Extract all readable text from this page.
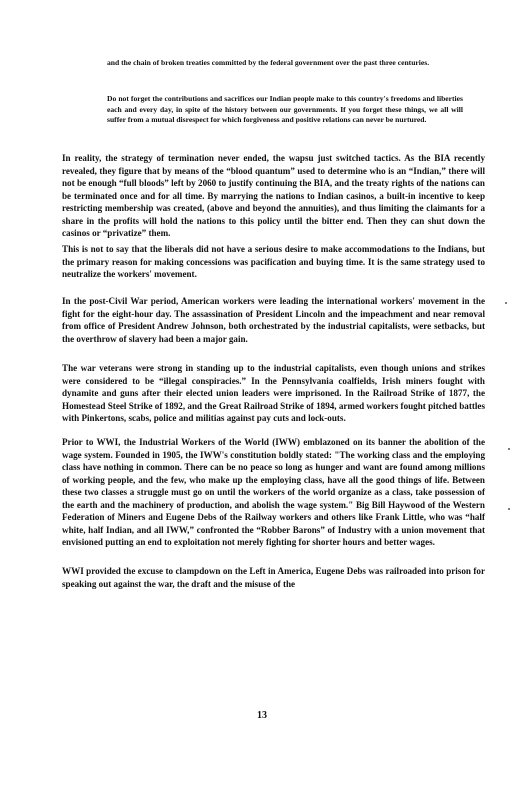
and the chain of broken treaties committed by the federal government over the past three centuries.

Do not forget the contributions and sacrifices our Indian people make to this country's freedoms and liberties each and every day, in spite of the history between our governments. If you forget these things, we all will suffer from a mutual disrespect for which forgiveness and positive relations can never be nurtured.

In reality, the strategy of termination never ended, the wapsu just switched tactics. As the BIA recently revealed, they figure that by means of the “blood quantum” used to determine who is an “Indian,” there will not be enough “full bloods” left by 2060 to justify continuing the BIA, and the treaty rights of the nations can be terminated once and for all time. By marrying the nations to Indian casinos, a built-in incentive to keep restricting membership was created, (above and beyond the annuities), and thus limiting the claimants for a share in the profits will hold the nations to this policy until the bitter end. Then they can shut down the casinos or “privatize” them.

This is not to say that the liberals did not have a serious desire to make accommodations to the Indians, but the primary reason for making concessions was pacification and buying time. It is the same strategy used to neutralize the workers' movement.

In the post-Civil War period, American workers were leading the international workers' movement in the fight for the eight-hour day. The assassination of President Lincoln and the impeachment and near removal from office of President Andrew Johnson, both orchestrated by the industrial capitalists, were setbacks, but the overthrow of slavery had been a major gain.

The war veterans were strong in standing up to the industrial capitalists, even though unions and strikes were considered to be “illegal conspiracies.” In the Pennsylvania coalfields, Irish miners fought with dynamite and guns after their elected union leaders were imprisoned. In the Railroad Strike of 1877, the Homestead Steel Strike of 1892, and the Great Railroad Strike of 1894, armed workers fought pitched battles with Pinkertons, scabs, police and militias against pay cuts and lock-outs.

Prior to WWI, the Industrial Workers of the World (IWW) emblazoned on its banner the abolition of the wage system. Founded in 1905, the IWW's constitution boldly stated: "The working class and the employing class have nothing in common. There can be no peace so long as hunger and want are found among millions of working people, and the few, who make up the employing class, have all the good things of life. Between these two classes a struggle must go on until the workers of the world organize as a class, take possession of the earth and the machinery of production, and abolish the wage system." Big Bill Haywood of the Western Federation of Miners and Eugene Debs of the Railway workers and others like Frank Little, who was “half white, half Indian, and all IWW,” confronted the “Robber Barons” of Industry with a union movement that envisioned putting an end to exploitation not merely fighting for shorter hours and better wages.

WWI provided the excuse to clampdown on the Left in America, Eugene Debs was railroaded into prison for speaking out against the war, the draft and the misuse of the

13
